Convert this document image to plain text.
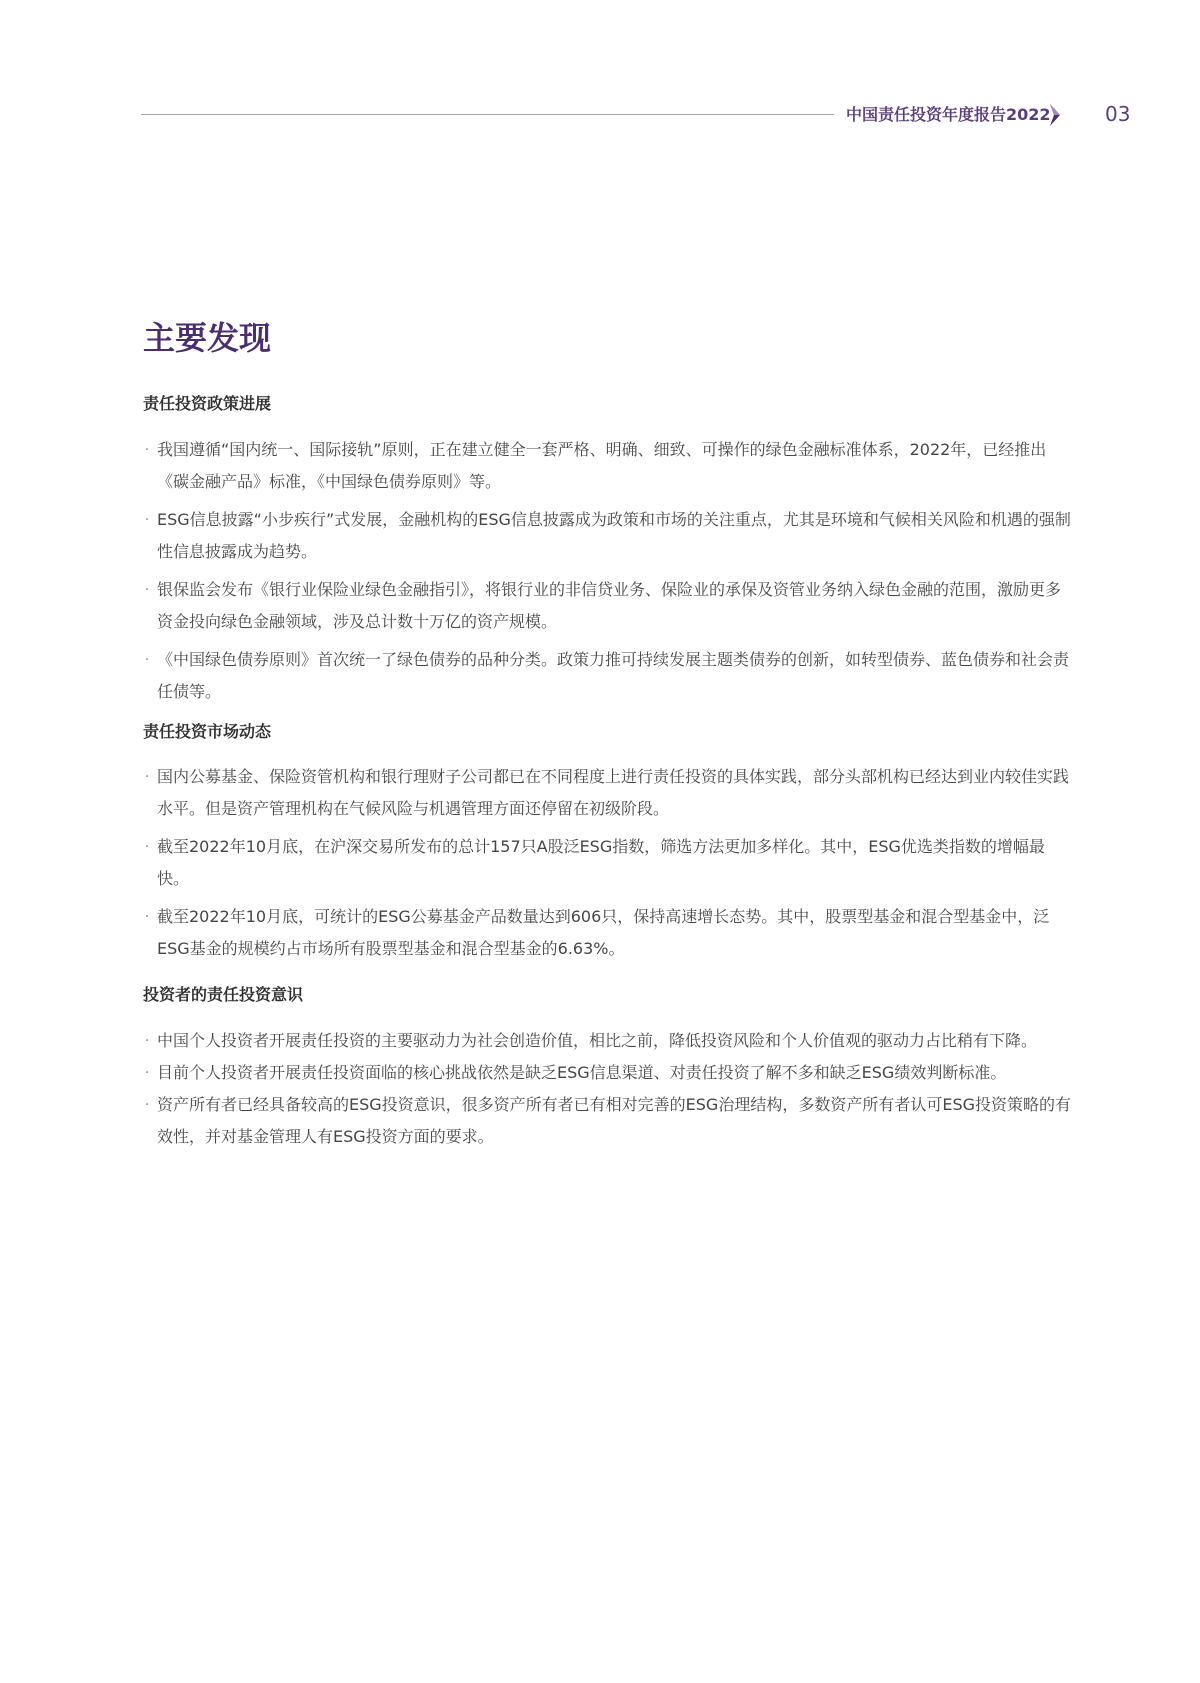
中国责任投资年度报告2022	03
主要发现
责任投资政策进展
· 我国遵循“国内统一、国际接轨”原则，正在建立健全一套严格、明确、细致、可操作的绿色金融标准体系，2022年，已经推出《碳金融产品》标准，《中国绿色债券原则》等。
· ESG信息披露“小步疾行”式发展，金融机构的ESG信息披露成为政策和市场的关注重点，尤其是环境和气候相关风险和机遇的强制性信息披露成为趋势。
· 银保监会发布《银行业保险业绿色金融指引》，将银行业的非信贷业务、保险业的承保及资管业务纳入绿色金融的范围，激励更多资金投向绿色金融领域，涉及总计数十万亿的资产规模。
· 《中国绿色债券原则》首次统一了绿色债券的品种分类。政策力推可持续发展主题类债券的创新，如转型债券、蓝色债券和社会责任债等。
责任投资市场动态
· 国内公募基金、保险资管机构和银行理财子公司都已在不同程度上进行责任投资的具体实践，部分头部机构已经达到业内较佳实践水平。但是资产管理机构在气候风险与机遇管理方面还停留在初级阶段。
· 截至2022年10月底，在沪深交易所发布的总计157只A股泛ESG指数，筛选方法更加多样化。其中，ESG优选类指数的增幅最快。
· 截至2022年10月底，可统计的ESG公募基金产品数量达到606只，保持高速增长态势。其中，股票型基金和混合型基金中，泛ESG基金的规模约占市场所有股票型基金和混合型基金的6.63%。
投资者的责任投资意识
· 中国个人投资者开展责任投资的主要驱动力为社会创造价值，相比之前，降低投资风险和个人价值观的驱动力占比稍有下降。
· 目前个人投资者开展责任投资面临的核心挑战依然是缺乏ESG信息渠道、对责任投资了解不多和缺乏ESG绩效判断标准。
· 资产所有者已经具备较高的ESG投资意识，很多资产所有者已有相对完善的ESG治理结构，多数资产所有者认可ESG投资策略的有效性，并对基金管理人有ESG投资方面的要求。
